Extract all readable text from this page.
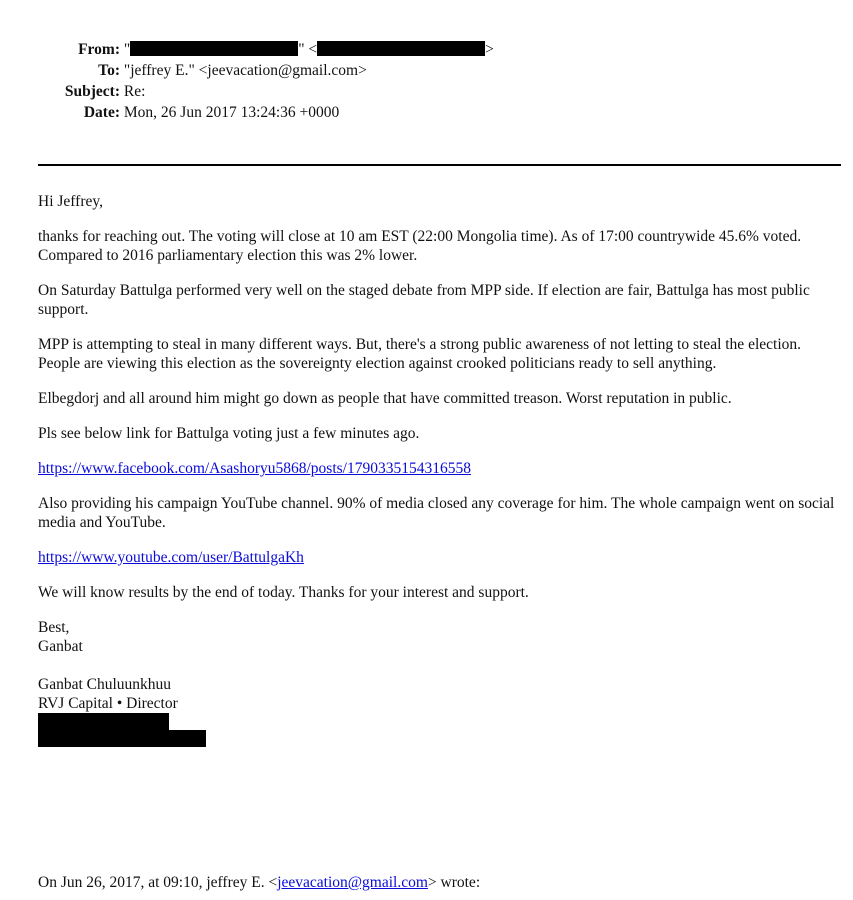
From: "	" <	>
To: "jeffrey E." <jeevacation@gmail.com>
Subject: Re:
Date: Mon, 26 Jun 2017 13:24:36 +0000

Hi Jeffrey,

thanks for reaching out. The voting will close at 10 am EST (22:00 Mongolia time). As of 17:00 countrywide 45.6% voted. Compared to 2016 parliamentary election this was 2% lower.

On Saturday Battulga performed very well on the staged debate from MPP side. If election are fair, Battulga has most public support.

MPP is attempting to steal in many different ways. But, there's a strong public awareness of not letting to steal the election. People are viewing this election as the sovereignty election against crooked politicians ready to sell anything.

Elbegdorj and all around him might go down as people that have committed treason. Worst reputation in public.

Pls see below link for Battulga voting just a few minutes ago.

https://www.facebook.com/Asashoryu5868/posts/1790335154316558

Also providing his campaign YouTube channel. 90% of media closed any coverage for him. The whole campaign went on social media and YouTube.

https://www.youtube.com/user/BattulgaKh

We will know results by the end of today. Thanks for your interest and support.

Best,
Ganbat
Ganbat Chuluunkhuu
RVJ Capital • Director
On Jun 26, 2017, at 09:10, jeffrey E. <jeevacation@gmail.com> wrote:
